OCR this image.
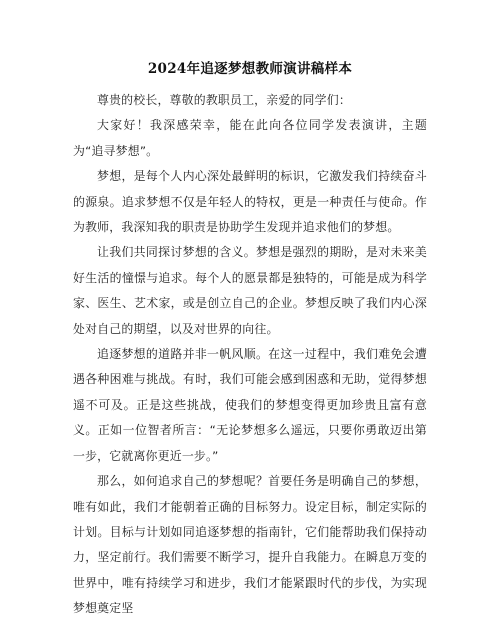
2024年追逐梦想教师演讲稿样本

尊贵的校长，尊敬的教职员工，亲爱的同学们：

大家好！我深感荣幸，能在此向各位同学发表演讲，主题为“追寻梦想”。

梦想，是每个人内心深处最鲜明的标识，它激发我们持续奋斗的源泉。追求梦想不仅是年轻人的特权，更是一种责任与使命。作为教师，我深知我的职责是协助学生发现并追求他们的梦想。

让我们共同探讨梦想的含义。梦想是强烈的期盼，是对未来美好生活的憧憬与追求。每个人的愿景都是独特的，可能是成为科学家、医生、艺术家，或是创立自己的企业。梦想反映了我们内心深处对自己的期望，以及对世界的向往。

追逐梦想的道路并非一帆风顺。在这一过程中，我们难免会遭遇各种困难与挑战。有时，我们可能会感到困惑和无助，觉得梦想遥不可及。正是这些挑战，使我们的梦想变得更加珍贵且富有意义。正如一位智者所言：“无论梦想多么遥远，只要你勇敢迈出第一步，它就离你更近一步。”

那么，如何追求自己的梦想呢？首要任务是明确自己的梦想，唯有如此，我们才能朝着正确的目标努力。设定目标，制定实际的计划。目标与计划如同追逐梦想的指南针，它们能帮助我们保持动力，坚定前行。我们需要不断学习，提升自我能力。在瞬息万变的世界中，唯有持续学习和进步，我们才能紧跟时代的步伐，为实现梦想奠定坚
